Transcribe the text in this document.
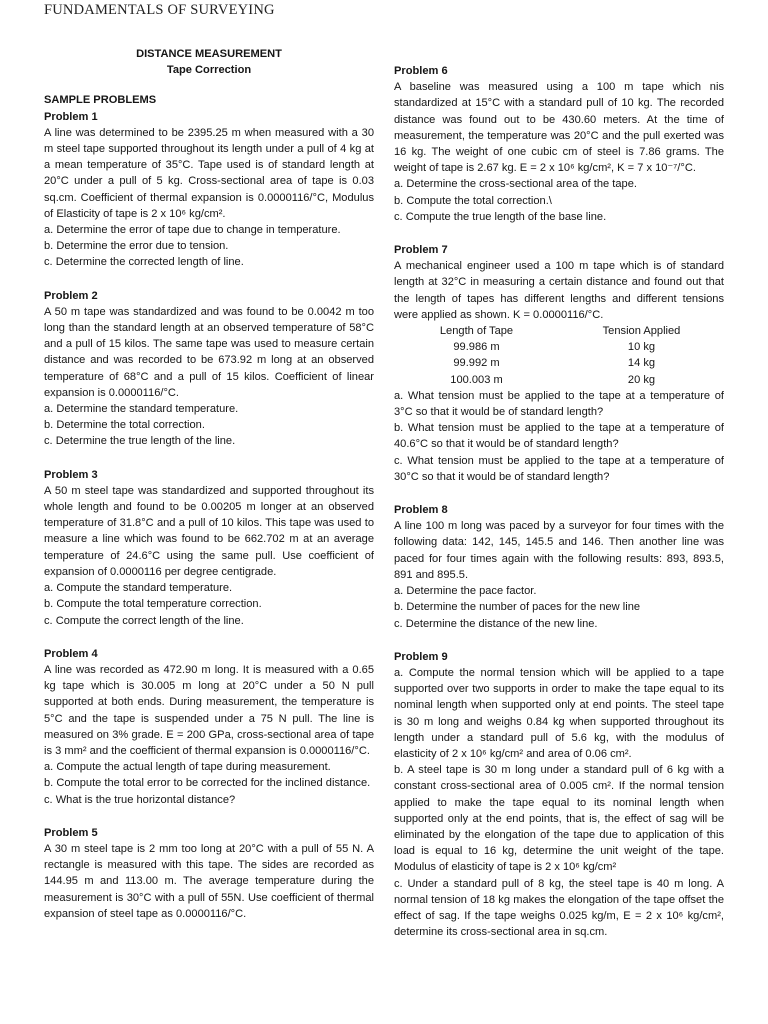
FUNDAMENTALS OF SURVEYING
DISTANCE MEASUREMENT
Tape Correction
SAMPLE PROBLEMS
Problem 1
A line was determined to be 2395.25 m when measured with a 30 m steel tape supported throughout its length under a pull of 4 kg at a mean temperature of 35°C. Tape used is of standard length at 20°C under a pull of 5 kg. Cross-sectional area of tape is 0.03 sq.cm. Coefficient of thermal expansion is 0.0000116/°C, Modulus of Elasticity of tape is 2 x 10⁶ kg/cm².
a. Determine the error of tape due to change in temperature.
b. Determine the error due to tension.
c. Determine the corrected length of line.
Problem 2
A 50 m tape was standardized and was found to be 0.0042 m too long than the standard length at an observed temperature of 58°C and a pull of 15 kilos. The same tape was used to measure certain distance and was recorded to be 673.92 m long at an observed temperature of 68°C and a pull of 15 kilos. Coefficient of linear expansion is 0.0000116/°C.
a. Determine the standard temperature.
b. Determine the total correction.
c. Determine the true length of the line.
Problem 3
A 50 m steel tape was standardized and supported throughout its whole length and found to be 0.00205 m longer at an observed temperature of 31.8°C and a pull of 10 kilos. This tape was used to measure a line which was found to be 662.702 m at an average temperature of 24.6°C using the same pull. Use coefficient of expansion of 0.0000116 per degree centigrade.
a. Compute the standard temperature.
b. Compute the total temperature correction.
c. Compute the correct length of the line.
Problem 4
A line was recorded as 472.90 m long. It is measured with a 0.65 kg tape which is 30.005 m long at 20°C under a 50 N pull supported at both ends. During measurement, the temperature is 5°C and the tape is suspended under a 75 N pull. The line is measured on 3% grade. E = 200 GPa, cross-sectional area of tape is 3 mm² and the coefficient of thermal expansion is 0.0000116/°C.
a. Compute the actual length of tape during measurement.
b. Compute the total error to be corrected for the inclined distance.
c. What is the true horizontal distance?
Problem 5
A 30 m steel tape is 2 mm too long at 20°C with a pull of 55 N. A rectangle is measured with this tape. The sides are recorded as 144.95 m and 113.00 m. The average temperature during the measurement is 30°C with a pull of 55N. Use coefficient of thermal expansion of steel tape as 0.0000116/°C.
Problem 6
A baseline was measured using a 100 m tape which nis standardized at 15°C with a standard pull of 10 kg. The recorded distance was found out to be 430.60 meters. At the time of measurement, the temperature was 20°C and the pull exerted was 16 kg. The weight of one cubic cm of steel is 7.86 grams. The weight of tape is 2.67 kg. E = 2 x 10⁶ kg/cm², K = 7 x 10⁻⁷/°C.
a. Determine the cross-sectional area of the tape.
b. Compute the total correction.\
c. Compute the true length of the base line.
Problem 7
A mechanical engineer used a 100 m tape which is of standard length at 32°C in measuring a certain distance and found out that the length of tapes has different lengths and different tensions were applied as shown. K = 0.0000116/°C.
Length of Tape	Tension Applied
99.986 m	10 kg
99.992 m	14 kg
100.003 m	20 kg
a. What tension must be applied to the tape at a temperature of 3°C so that it would be of standard length?
b. What tension must be applied to the tape at a temperature of 40.6°C so that it would be of standard length?
c. What tension must be applied to the tape at a temperature of 30°C so that it would be of standard length?
Problem 8
A line 100 m long was paced by a surveyor for four times with the following data: 142, 145, 145.5 and 146. Then another line was paced for four times again with the following results: 893, 893.5, 891 and 895.5.
a. Determine the pace factor.
b. Determine the number of paces for the new line
c. Determine the distance of the new line.
Problem 9
a. Compute the normal tension which will be applied to a tape supported over two supports in order to make the tape equal to its nominal length when supported only at end points. The steel tape is 30 m long and weighs 0.84 kg when supported throughout its length under a standard pull of 5.6 kg, with the modulus of elasticity of 2 x 10⁶ kg/cm² and area of 0.06 cm².
b. A steel tape is 30 m long under a standard pull of 6 kg with a constant cross-sectional area of 0.005 cm². If the normal tension applied to make the tape equal to its nominal length when supported only at the end points, that is, the effect of sag will be eliminated by the elongation of the tape due to application of this load is equal to 16 kg, determine the unit weight of the tape. Modulus of elasticity of tape is 2 x 10⁶ kg/cm²
c. Under a standard pull of 8 kg, the steel tape is 40 m long. A normal tension of 18 kg makes the elongation of the tape offset the effect of sag. If the tape weighs 0.025 kg/m, E = 2 x 10⁶ kg/cm², determine its cross-sectional area in sq.cm.
